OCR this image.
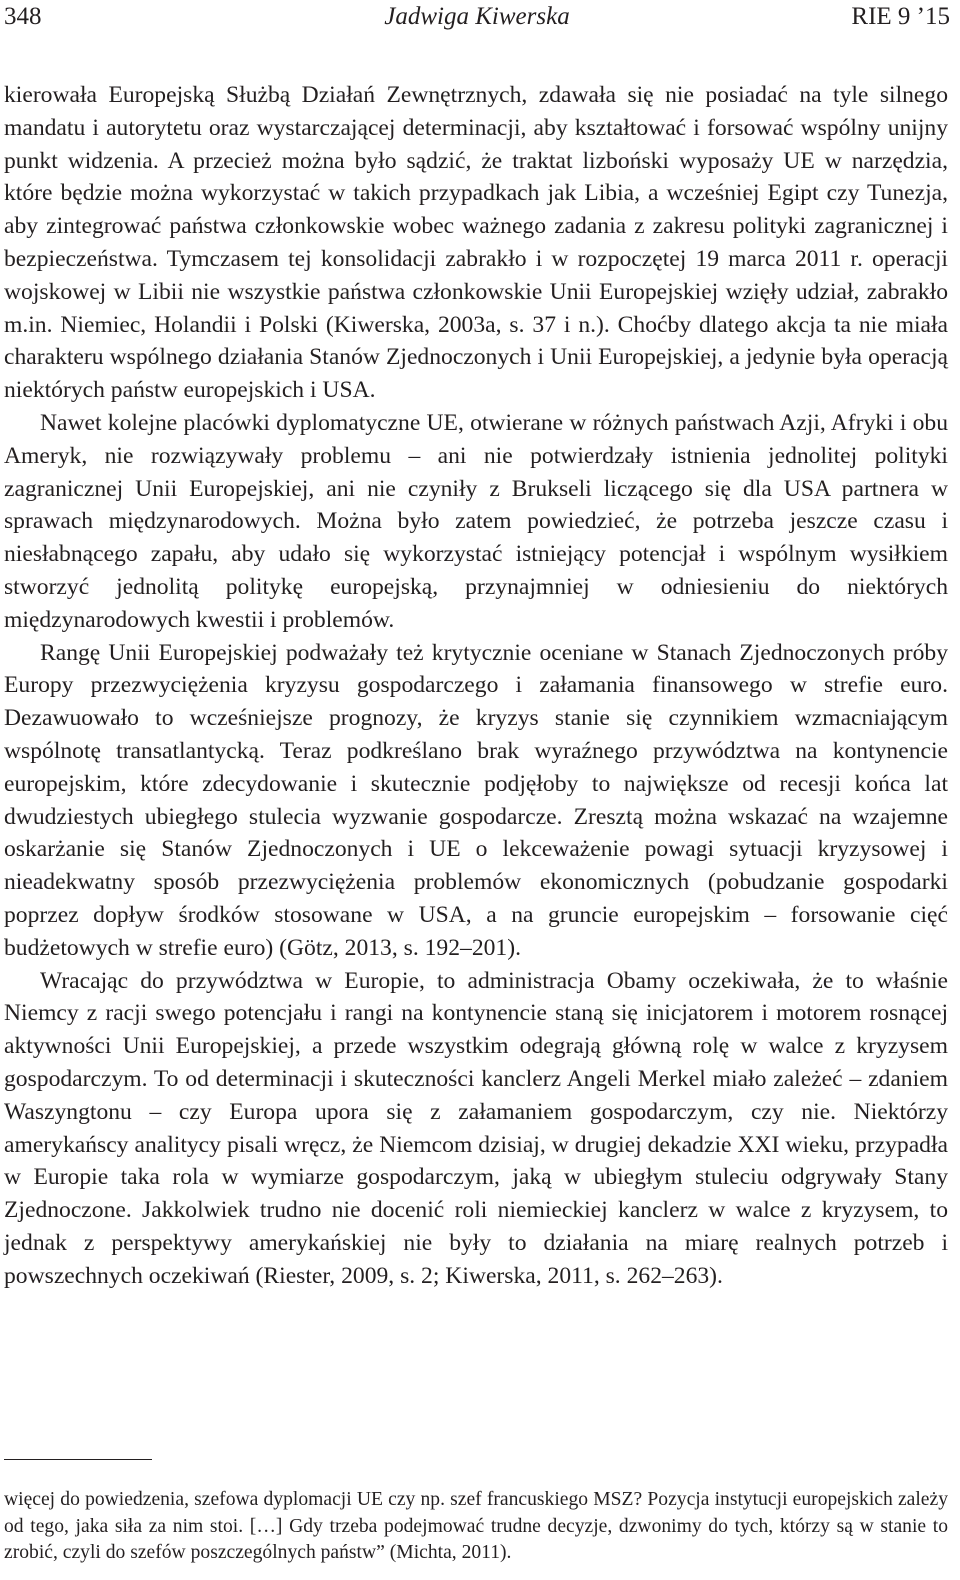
348	Jadwiga Kiwerska	RIE 9 ’15

kierowała Europejską Służbą Działań Zewnętrznych, zdawała się nie posiadać na tyle silnego mandatu i autorytetu oraz wystarczającej determinacji, aby kształtować i forsować wspólny unijny punkt widzenia. A przecież można było sądzić, że traktat lizboński wyposaży UE w narzędzia, które będzie można wykorzystać w takich przypadkach jak Libia, a wcześniej Egipt czy Tunezja, aby zintegrować państwa członkowskie wobec ważnego zadania z zakresu polityki zagranicznej i bezpieczeństwa. Tymczasem tej konsolidacji zabrakło i w rozpoczętej 19 marca 2011 r. operacji wojskowej w Libii nie wszystkie państwa członkowskie Unii Europejskiej wzięły udział, zabrakło m.in. Niemiec, Holandii i Polski (Kiwerska, 2003a, s. 37 i n.). Choćby dlatego akcja ta nie miała charakteru wspólnego działania Stanów Zjednoczonych i Unii Europejskiej, a jedynie była operacją niektórych państw europejskich i USA.

Nawet kolejne placówki dyplomatyczne UE, otwierane w różnych państwach Azji, Afryki i obu Ameryk, nie rozwiązywały problemu – ani nie potwierdzały istnienia jednolitej polityki zagranicznej Unii Europejskiej, ani nie czyniły z Brukseli liczącego się dla USA partnera w sprawach międzynarodowych. Można było zatem powiedzieć, że potrzeba jeszcze czasu i niesłabnącego zapału, aby udało się wykorzystać istniejący potencjał i wspólnym wysiłkiem stworzyć jednolitą politykę europejską, przynajmniej w odniesieniu do niektórych międzynarodowych kwestii i problemów.

Rangę Unii Europejskiej podważały też krytycznie oceniane w Stanach Zjednoczonych próby Europy przezwyciężenia kryzysu gospodarczego i załamania finansowego w strefie euro. Dezawuowało to wcześniejsze prognozy, że kryzys stanie się czynnikiem wzmacniającym wspólnotę transatlantycką. Teraz podkreślano brak wyraźnego przywództwa na kontynencie europejskim, które zdecydowanie i skutecznie podjęłoby to największe od recesji końca lat dwudziestych ubiegłego stulecia wyzwanie gospodarcze. Zresztą można wskazać na wzajemne oskarżanie się Stanów Zjednoczonych i UE o lekceważenie powagi sytuacji kryzysowej i nieadekwatny sposób przezwyciężenia problemów ekonomicznych (pobudzanie gospodarki poprzez dopływ środków stosowane w USA, a na gruncie europejskim – forsowanie cięć budżetowych w strefie euro) (Götz, 2013, s. 192–201).

Wracając do przywództwa w Europie, to administracja Obamy oczekiwała, że to właśnie Niemcy z racji swego potencjału i rangi na kontynencie staną się inicjatorem i motorem rosnącej aktywności Unii Europejskiej, a przede wszystkim odegrają główną rolę w walce z kryzysem gospodarczym. To od determinacji i skuteczności kanclerz Angeli Merkel miało zależeć – zdaniem Waszyngtonu – czy Europa upora się z załamaniem gospodarczym, czy nie. Niektórzy amerykańscy analitycy pisali wręcz, że Niemcom dzisiaj, w drugiej dekadzie XXI wieku, przypadła w Europie taka rola w wymiarze gospodarczym, jaką w ubiegłym stuleciu odgrywały Stany Zjednoczone. Jakkolwiek trudno nie docenić roli niemieckiej kanclerz w walce z kryzysem, to jednak z perspektywy amerykańskiej nie były to działania na miarę realnych potrzeb i powszechnych oczekiwań (Riester, 2009, s. 2; Kiwerska, 2011, s. 262–263).

więcej do powiedzenia, szefowa dyplomacji UE czy np. szef francuskiego MSZ? Pozycja instytucji europejskich zależy od tego, jaka siła za nim stoi. […] Gdy trzeba podejmować trudne decyzje, dzwonimy do tych, którzy są w stanie to zrobić, czyli do szefów poszczególnych państw” (Michta, 2011).
